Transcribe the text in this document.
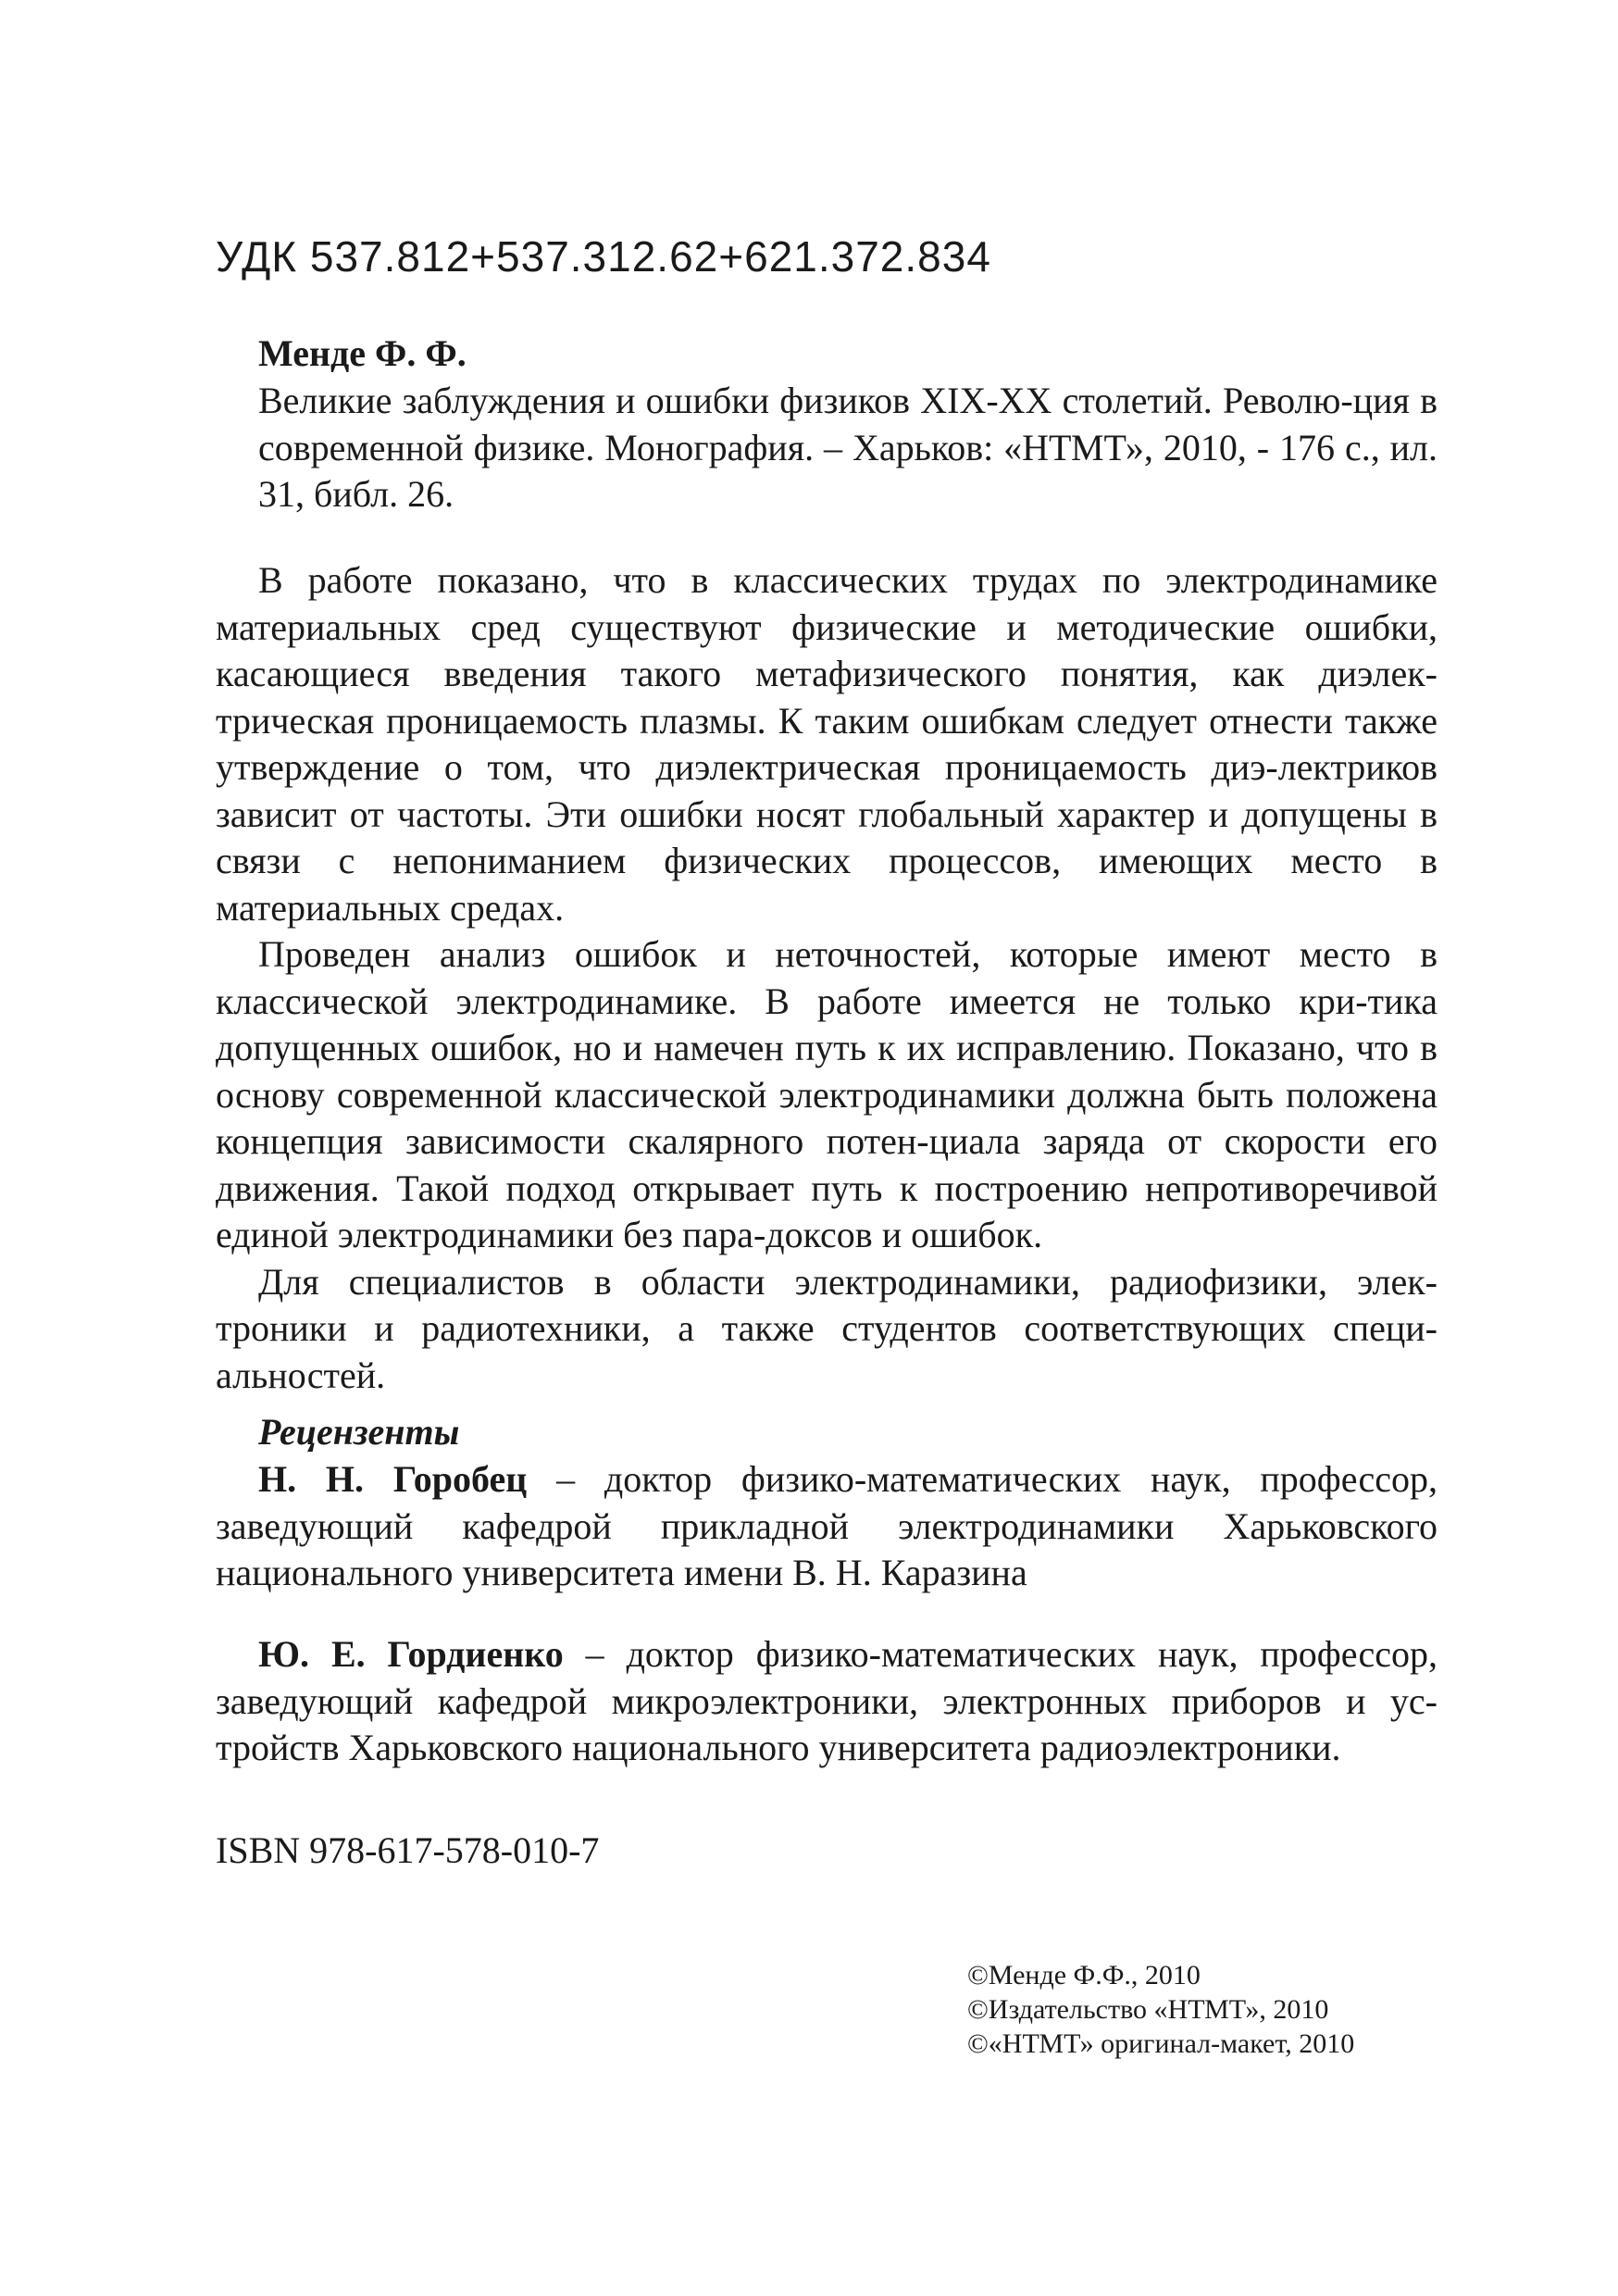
УДК 537.812+537.312.62+621.372.834
Менде Ф. Ф.
Великие заблуждения и ошибки физиков XIX-XX столетий. Револю-ция в современной физике. Монография. – Харьков: «НТМТ», 2010, - 176 с., ил. 31, библ. 26.

В работе показано, что в классических трудах по электродинамике материальных сред существуют физические и методические ошибки, касающиеся введения такого метафизического понятия, как диэлек-трическая проницаемость плазмы. К таким ошибкам следует отнести также утверждение о том, что диэлектрическая проницаемость диэ-лектриков зависит от частоты. Эти ошибки носят глобальный характер и допущены в связи с непониманием физических процессов, имеющих место в материальных средах.

Проведен анализ ошибок и неточностей, которые имеют место в классической электродинамике. В работе имеется не только кри-тика допущенных ошибок, но и намечен путь к их исправлению. Показано, что в основу современной классической электродинамики должна быть положена концепция зависимости скалярного потен-циала заряда от скорости его движения. Такой подход открывает путь к построению непротиворечивой единой электродинамики без пара-доксов и ошибок.

Для специалистов в области электродинамики, радиофизики, элек-троники и радиотехники, а также студентов соответствующих специ-альностей.

Рецензенты

Н. Н. Горобец – доктор физико-математических наук, профессор, заведующий кафедрой прикладной электродинамики Харьковского национального университета имени В. Н. Каразина

Ю. Е. Гордиенко – доктор физико-математических наук, профессор, заведующий кафедрой микроэлектроники, электронных приборов и ус-тройств Харьковского национального университета радиоэлектроники.

ISBN 978-617-578-010-7
©Менде Ф.Ф., 2010
©Издательство «НТМТ», 2010
©«НТМТ» оригинал-макет, 2010
